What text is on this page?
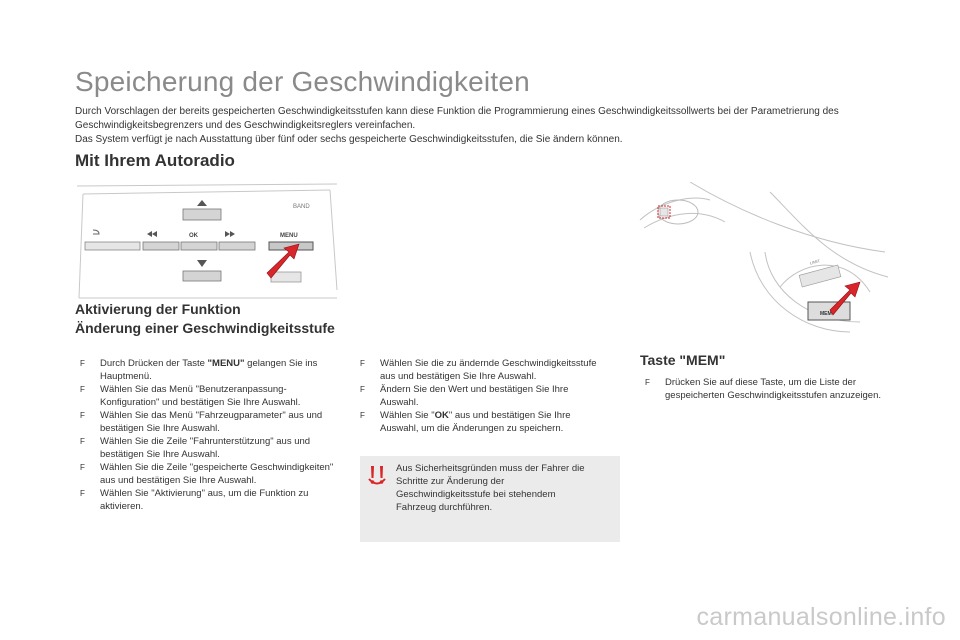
Speicherung der Geschwindigkeiten
Durch Vorschlagen der bereits gespeicherten Geschwindigkeitsstufen kann diese Funktion die Programmierung eines Geschwindigkeitssollwerts bei der Parametrierung des Geschwindigkeitsbegrenzers und des Geschwindigkeitsreglers vereinfachen.
Das System verfügt je nach Ausstattung über fünf oder sechs gespeicherte Geschwindigkeitsstufen, die Sie ändern können.
Mit Ihrem Autoradio
BAND
OK	MENU
LIMIT
MEM
Aktivierung der Funktion
Änderung einer Geschwindigkeitsstufe
F Durch Drücken der Taste "MENU" gelangen Sie ins Hauptmenü.
F Wählen Sie das Menü "Benutzeranpassung-Konfiguration" und bestätigen Sie Ihre Auswahl.
F Wählen Sie das Menü "Fahrzeugparameter" aus und bestätigen Sie Ihre Auswahl.
F Wählen Sie die Zeile "Fahrunterstützung" aus und bestätigen Sie Ihre Auswahl.
F Wählen Sie die Zeile "gespeicherte Geschwindigkeiten" aus und bestätigen Sie Ihre Auswahl.
F Wählen Sie "Aktivierung" aus, um die Funktion zu aktivieren.
F Wählen Sie die zu ändernde Geschwindigkeitsstufe aus und bestätigen Sie Ihre Auswahl.
F Ändern Sie den Wert und bestätigen Sie Ihre Auswahl.
F Wählen Sie "OK" aus und bestätigen Sie Ihre Auswahl, um die Änderungen zu speichern.
Aus Sicherheitsgründen muss der Fahrer die Schritte zur Änderung der Geschwindigkeitsstufe bei stehendem Fahrzeug durchführen.
Taste "MEM"
F Drücken Sie auf diese Taste, um die Liste der gespeicherten Geschwindigkeitsstufen anzuzeigen.
carmanualsonline.info
